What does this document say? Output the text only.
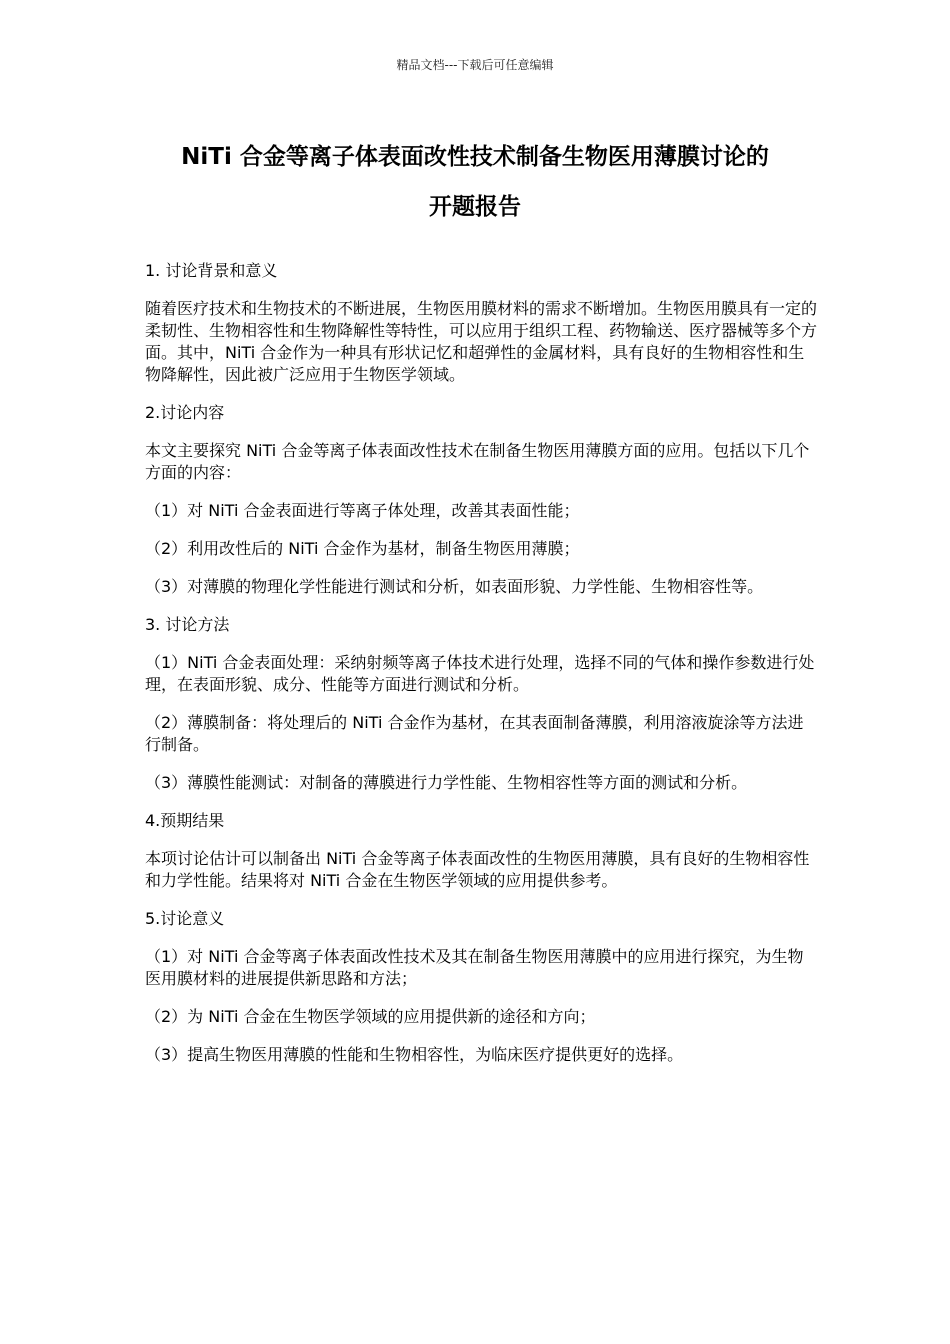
精品文档---下载后可任意编辑
NiTi 合金等离子体表面改性技术制备生物医用薄膜讨论的
开题报告

1. 讨论背景和意义

随着医疗技术和生物技术的不断进展，生物医用膜材料的需求不断增加。生物医用膜具有一定的柔韧性、生物相容性和生物降解性等特性，可以应用于组织工程、药物输送、医疗器械等多个方面。其中，NiTi 合金作为一种具有形状记忆和超弹性的金属材料，具有良好的生物相容性和生物降解性，因此被广泛应用于生物医学领域。

2.讨论内容

本文主要探究 NiTi 合金等离子体表面改性技术在制备生物医用薄膜方面的应用。包括以下几个方面的内容：

（1）对 NiTi 合金表面进行等离子体处理，改善其表面性能；

（2）利用改性后的 NiTi 合金作为基材，制备生物医用薄膜；

（3）对薄膜的物理化学性能进行测试和分析，如表面形貌、力学性能、生物相容性等。

3. 讨论方法

（1）NiTi 合金表面处理：采纳射频等离子体技术进行处理，选择不同的气体和操作参数进行处理，在表面形貌、成分、性能等方面进行测试和分析。

（2）薄膜制备：将处理后的 NiTi 合金作为基材，在其表面制备薄膜，利用溶液旋涂等方法进行制备。

（3）薄膜性能测试：对制备的薄膜进行力学性能、生物相容性等方面的测试和分析。

4.预期结果

本项讨论估计可以制备出 NiTi 合金等离子体表面改性的生物医用薄膜，具有良好的生物相容性和力学性能。结果将对 NiTi 合金在生物医学领域的应用提供参考。

5.讨论意义

（1）对 NiTi 合金等离子体表面改性技术及其在制备生物医用薄膜中的应用进行探究，为生物医用膜材料的进展提供新思路和方法；

（2）为 NiTi 合金在生物医学领域的应用提供新的途径和方向；

（3）提高生物医用薄膜的性能和生物相容性，为临床医疗提供更好的选择。
